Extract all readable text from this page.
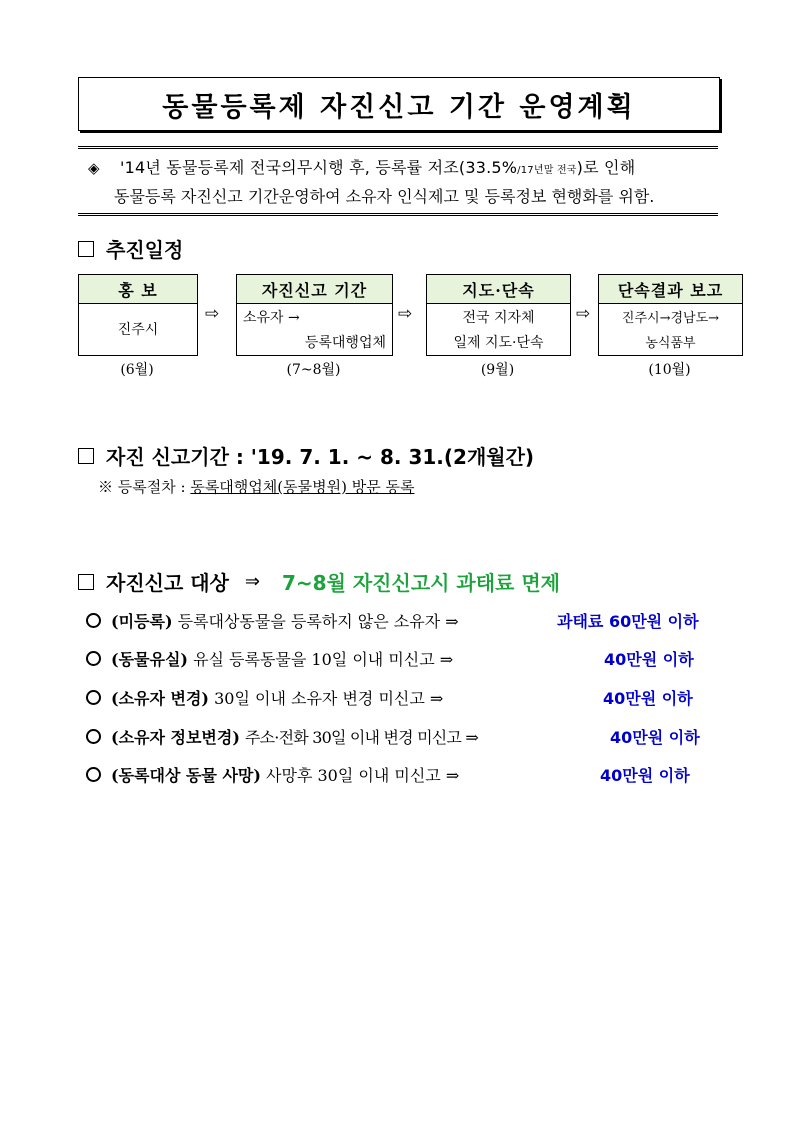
동물등록제 자진신고 기간 운영계획
◈ '14년 동물등록제 전국의무시행 후, 등록률 저조(33.5%/17년말 전국)로 인해
동물등록 자진신고 기간운영하여 소유자 인식제고 및 등록정보 현행화를 위함.
추진일정
홍 보
진주시
⇨
자진신고 기간
소유자 →
등록대행업체
⇨
지도·단속
전국 지자체
일제 지도·단속
⇨
단속결과 보고
진주시→경남도→
농식품부
(6월)	(7~8월)	(9월)	(10월)
자진 신고기간 : '19. 7. 1. ~ 8. 31.(2개월간)
※ 등록절차 : 동록대행업체(동물병원) 방문 동록
자진신고 대상 ⇒ 7~8월 자진신고시 과태료 면제
(미등록)
등록대상동물을 등록하지 않은 소유자 ⇒	과태료 60만원 이하
(동물유실)
유실 등록동물을 10일 이내 미신고 ⇒	40만원 이하
(소유자 변경)
30일 이내 소유자 변경 미신고 ⇒	40만원 이하
(소유자 정보변경)
주소·전화 30일 이내 변경 미신고 ⇒	40만원 이하
(동록대상 동물 사망)
사망후 30일 이내 미신고 ⇒	40만원 이하
